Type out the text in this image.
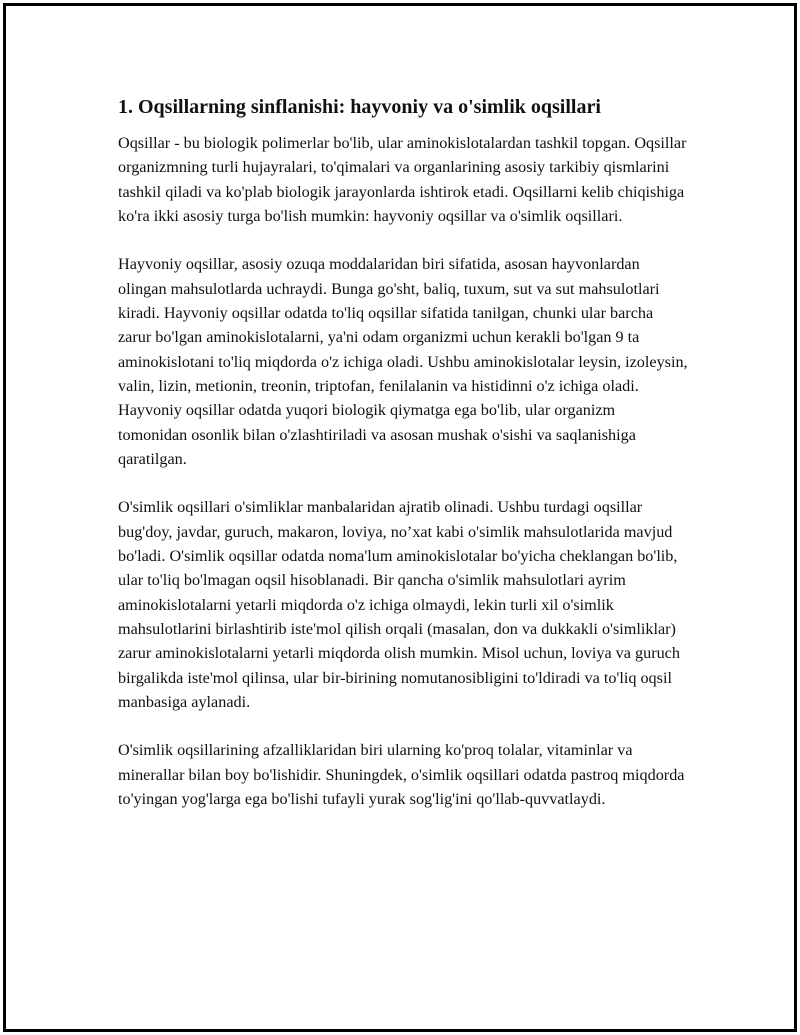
1. Oqsillarning sinflanishi: hayvoniy va o'simlik oqsillari

Oqsillar - bu biologik polimerlar bo'lib, ular aminokislotalardan tashkil topgan. Oqsillar organizmning turli hujayralari, to'qimalari va organlarining asosiy tarkibiy qismlarini tashkil qiladi va ko'plab biologik jarayonlarda ishtirok etadi. Oqsillarni kelib chiqishiga ko'ra ikki asosiy turga bo'lish mumkin: hayvoniy oqsillar va o'simlik oqsillari.

Hayvoniy oqsillar, asosiy ozuqa moddalaridan biri sifatida, asosan hayvonlardan olingan mahsulotlarda uchraydi. Bunga go'sht, baliq, tuxum, sut va sut mahsulotlari kiradi. Hayvoniy oqsillar odatda to'liq oqsillar sifatida tanilgan, chunki ular barcha zarur bo'lgan aminokislotalarni, ya'ni odam organizmi uchun kerakli bo'lgan 9 ta aminokislotani to'liq miqdorda o'z ichiga oladi. Ushbu aminokislotalar leysin, izoleysin, valin, lizin, metionin, treonin, triptofan, fenilalanin va histidinni o'z ichiga oladi. Hayvoniy oqsillar odatda yuqori biologik qiymatga ega bo'lib, ular organizm tomonidan osonlik bilan o'zlashtiriladi va asosan mushak o'sishi va saqlanishiga qaratilgan.

O'simlik oqsillari o'simliklar manbalaridan ajratib olinadi. Ushbu turdagi oqsillar bug'doy, javdar, guruch, makaron, loviya, no’xat kabi o'simlik mahsulotlarida mavjud bo'ladi. O'simlik oqsillar odatda noma'lum aminokislotalar bo'yicha cheklangan bo'lib, ular to'liq bo'lmagan oqsil hisoblanadi. Bir qancha o'simlik mahsulotlari ayrim aminokislotalarni yetarli miqdorda o'z ichiga olmaydi, lekin turli xil o'simlik mahsulotlarini birlashtirib iste'mol qilish orqali (masalan, don va dukkakli o'simliklar) zarur aminokislotalarni yetarli miqdorda olish mumkin. Misol uchun, loviya va guruch birgalikda iste'mol qilinsa, ular bir-birining nomutanosibligini to'ldiradi va to'liq oqsil manbasiga aylanadi.

O'simlik oqsillarining afzalliklaridan biri ularning ko'proq tolalar, vitaminlar va minerallar bilan boy bo'lishidir. Shuningdek, o'simlik oqsillari odatda pastroq miqdorda to'yingan yog'larga ega bo'lishi tufayli yurak sog'lig'ini qo'llab-quvvatlaydi.
